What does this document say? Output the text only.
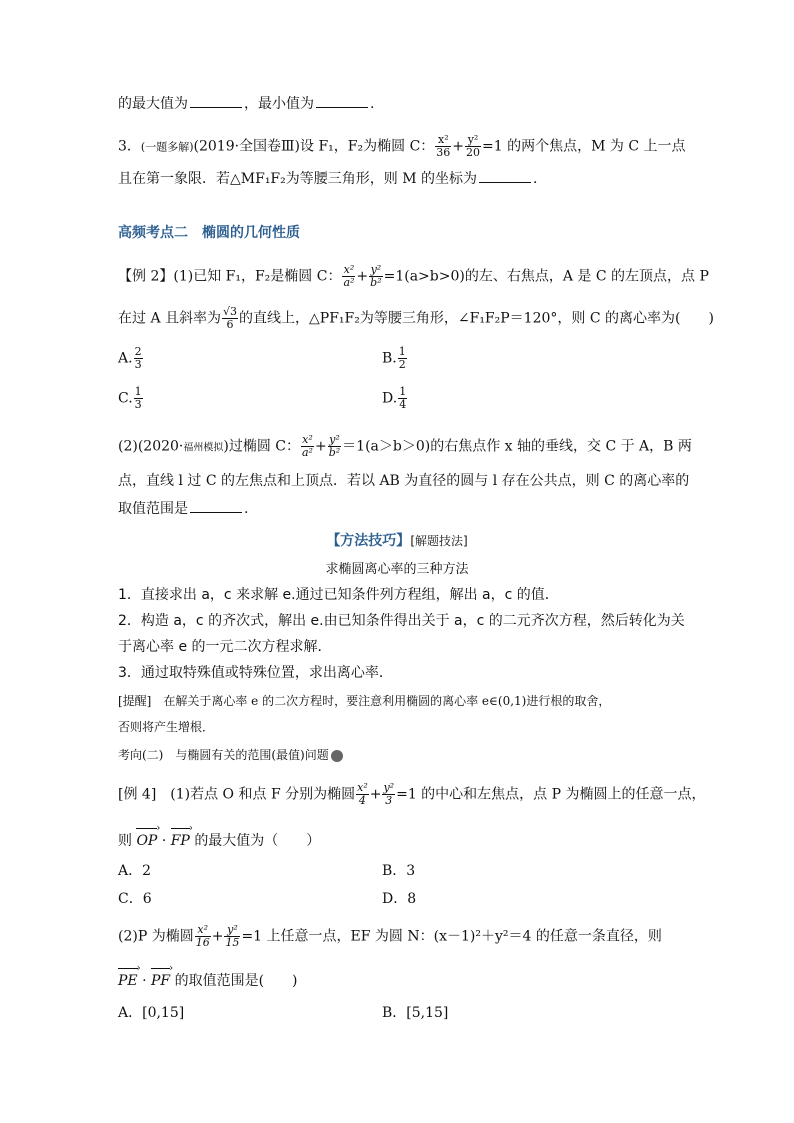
的最大值为	，最小值为	.
3．(一题多解)(2019·全国卷Ⅲ)设 F₁，F₂为椭圆 C： $\frac{\text{x²}}{36} + \frac{\text{y²}}{20} =1$ 的两个焦点，M 为 C 上一点
且在第一象限．若△MF₁F₂为等腰三角形，则 M 的坐标为	.
高频考点二　椭圆的几何性质
【例 2】(1)已知 F₁，F₂是椭圆 C： $\frac{\text{x²}}{\text{a²}} + \frac{\text{y²}}{\text{b²}} =1(a>b>0)$的左、右焦点，A 是 C 的左顶点，点 P
在过 A 且斜率为 $\frac{√3}{6}$ 的直线上，△PF₁F₂为等腰三角形，∠F₁F₂P＝120°，则 C 的离心率为(　　)
A. $\frac{2}{3}$	B. $\frac{1}{2}$
C. $\frac{1}{3}$	D. $\frac{1}{4}$
(2)(2020·福州模拟)过椭圆 C： $\frac{\text{x²}}{\text{a²}} + \frac{\text{y²}}{\text{b²}} =1(a>b>0)$的右焦点作 x 轴的垂线，交 C 于 A，B 两
点，直线 l 过 C 的左焦点和上顶点．若以 AB 为直径的圆与 l 存在公共点，则 C 的离心率的
取值范围是	.
【方法技巧】[解题技法]
求椭圆离心率的三种方法
1．直接求出 a，c 来求解 e.通过已知条件列方程组，解出 a，c 的值．
2．构造 a，c 的齐次式，解出 e.由已知条件得出关于 a，c 的二元齐次方程，然后转化为关
于离心率 e 的一元二次方程求解．
3．通过取特殊值或特殊位置，求出离心率．
[提醒]　在解关于离心率 e 的二次方程时，要注意利用椭圆的离心率 e∈(0,1)进行根的取舍，
否则将产生增根．
考向(二)　与椭圆有关的范围(最值)问题
[例 4]　(1)若点 O 和点 F 分别为椭圆 $\frac{\text{x²}}{4} + \frac{\text{y²}}{3} =1$ 的中心和左焦点，点 P 为椭圆上的任意一点，
则 OP › · FP › 的最大值为（　　）
A．2	B．3
C．6	D．8
(2)P 为椭圆 $\frac{\text{x²}}{16} + \frac{\text{y²}}{15} =1$ 上任意一点，EF 为圆 N：(x－1)²＋y²＝4 的任意一条直径，则
PE › · PF › 的取值范围是(　　)
A．[0,15]	B．[5,15]
